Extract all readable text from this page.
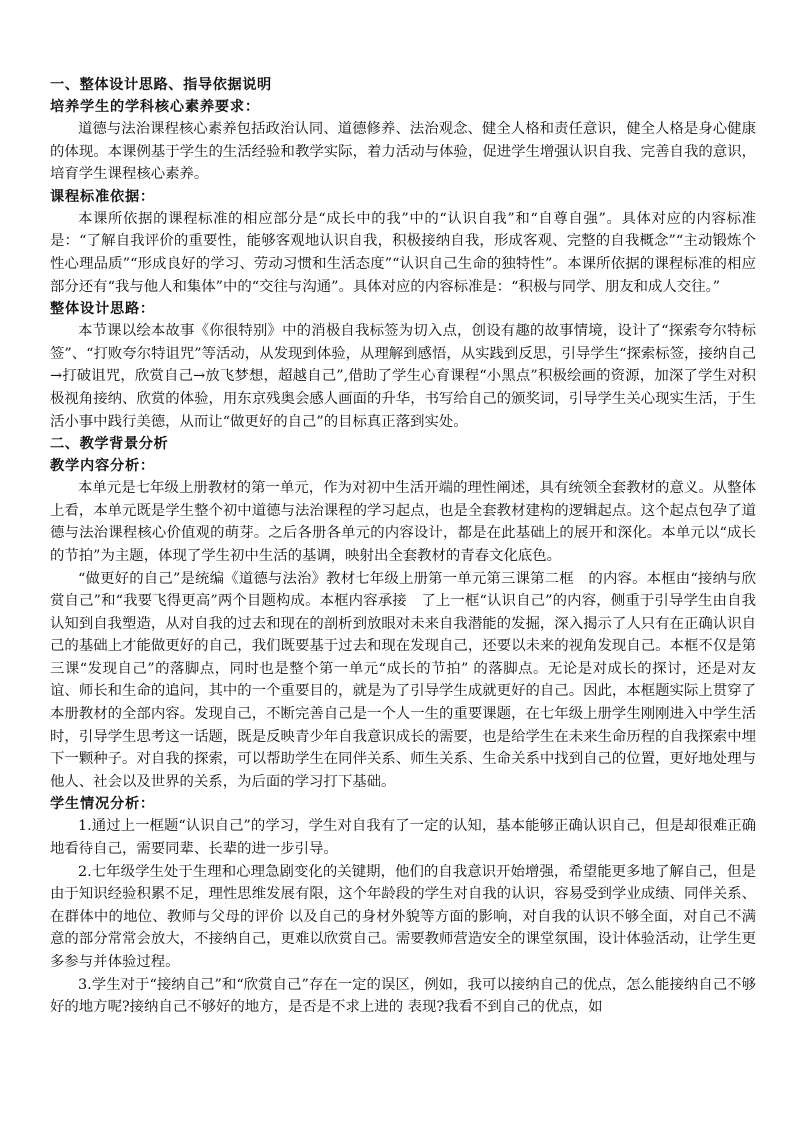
一、整体设计思路、指导依据说明
培养学生的学科核心素养要求：

道德与法治课程核心素养包括政治认同、道德修养、法治观念、健全人格和责任意识，健全人格是身心健康的体现。本课例基于学生的生活经验和教学实际，着力活动与体验，促进学生增强认识自我、完善自我的意识，培育学生课程核心素养。

课程标准依据：

本课所依据的课程标准的相应部分是“成长中的我”中的“认识自我”和“自尊自强”。具体对应的内容标准是：“了解自我评价的重要性，能够客观地认识自我，积极接纳自我，形成客观、完整的自我概念”“主动锻炼个性心理品质”“形成良好的学习、劳动习惯和生活态度”“认识自己生命的独特性”。本课所依据的课程标准的相应部分还有“我与他人和集体”中的“交往与沟通”。具体对应的内容标准是：“积极与同学、朋友和成人交往。”

整体设计思路：

本节课以绘本故事《你很特别》中的消极自我标签为切入点，创设有趣的故事情境，设计了“探索夸尔特标签”、“打败夸尔特诅咒”等活动，从发现到体验，从理解到感悟，从实践到反思，引导学生“探索标签，接纳自己→打破诅咒，欣赏自己→放飞梦想，超越自己”,借助了学生心育课程“小黑点”积极绘画的资源，加深了学生对积极视角接纳、欣赏的体验，用东京残奥会感人画面的升华，书写给自己的颁奖词，引导学生关心现实生活，于生活小事中践行美德，从而让“做更好的自己”的目标真正落到实处。

二、教学背景分析
教学内容分析：

本单元是七年级上册教材的第一单元，作为对初中生活开端的理性阐述，具有统领全套教材的意义。从整体上看，本单元既是学生整个初中道德与法治课程的学习起点，也是全套教材建构的逻辑起点。这个起点包孕了道德与法治课程核心价值观的萌芽。之后各册各单元的内容设计，都是在此基础上的展开和深化。本单元以“成长的节拍”为主题，体现了学生初中生活的基调，映射出全套教材的青春文化底色。

“做更好的自己”是统编《道德与法治》教材七年级上册第一单元第三课第二框　的内容。本框由“接纳与欣赏自己”和“我要飞得更高”两个目题构成。本框内容承接　了上一框“认识自己”的内容，侧重于引导学生由自我认知到自我塑造，从对自我的过去和现在的剖析到放眼对未来自我潜能的发掘，深入揭示了人只有在正确认识自己的基础上才能做更好的自己，我们既要基于过去和现在发现自己，还要以未来的视角发现自己。本框不仅是第三课“发现自己”的落脚点，同时也是整个第一单元“成长的节拍” 的落脚点。无论是对成长的探讨，还是对友谊、师长和生命的追问，其中的一个重要目的，就是为了引导学生成就更好的自己。因此，本框题实际上贯穿了本册教材的全部内容。发现自己，不断完善自己是一个人一生的重要课题，在七年级上册学生刚刚进入中学生活时，引导学生思考这一话题，既是反映青少年自我意识成长的需要，也是给学生在未来生命历程的自我探索中埋下一颗种子。对自我的探索，可以帮助学生在同伴关系、师生关系、生命关系中找到自己的位置，更好地处理与他人、社会以及世界的关系，为后面的学习打下基础。

学生情况分析：

1.通过上一框题“认识自己”的学习，学生对自我有了一定的认知，基本能够正确认识自己，但是却很难正确地看待自己，需要同辈、长辈的进一步引导。

2.七年级学生处于生理和心理急剧变化的关键期，他们的自我意识开始增强，希望能更多地了解自己，但是由于知识经验积累不足，理性思维发展有限，这个年龄段的学生对自我的认识，容易受到学业成绩、同伴关系、在群体中的地位、教师与父母的评价 以及自己的身材外貌等方面的影响，对自我的认识不够全面，对自己不满意的部分常常会放大，不接纳自己，更难以欣赏自己。需要教师营造安全的课堂氛围，设计体验活动，让学生更多参与并体验过程。

3.学生对于“接纳自己”和“欣赏自己”存在一定的误区，例如，我可以接纳自己的优点，怎么能接纳自己不够好的地方呢?接纳自己不够好的地方，是否是不求上进的 表现?我看不到自己的优点，如
